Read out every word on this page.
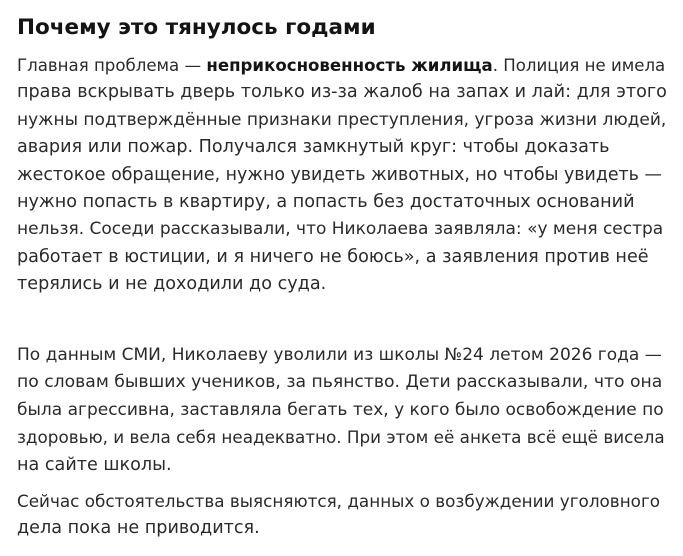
Почему это тянулось годами

Главная проблема — неприкосновенность жилища. Полиция не имела
права вскрывать дверь только из-за жалоб на запах и лай: для этого
нужны подтверждённые признаки преступления, угроза жизни людей,
авария или пожар. Получался замкнутый круг: чтобы доказать
жестокое обращение, нужно увидеть животных, но чтобы увидеть —
нужно попасть в квартиру, а попасть без достаточных оснований
нельзя. Соседи рассказывали, что Николаева заявляла: «у меня сестра
работает в юстиции, и я ничего не боюсь», а заявления против неё
терялись и не доходили до суда.

По данным СМИ, Николаеву уволили из школы №24 летом 2026 года —
по словам бывших учеников, за пьянство. Дети рассказывали, что она
была агрессивна, заставляла бегать тех, у кого было освобождение по
здоровью, и вела себя неадекватно. При этом её анкета всё ещё висела
на сайте школы.

Сейчас обстоятельства выясняются, данных о возбуждении уголовного
дела пока не приводится.
